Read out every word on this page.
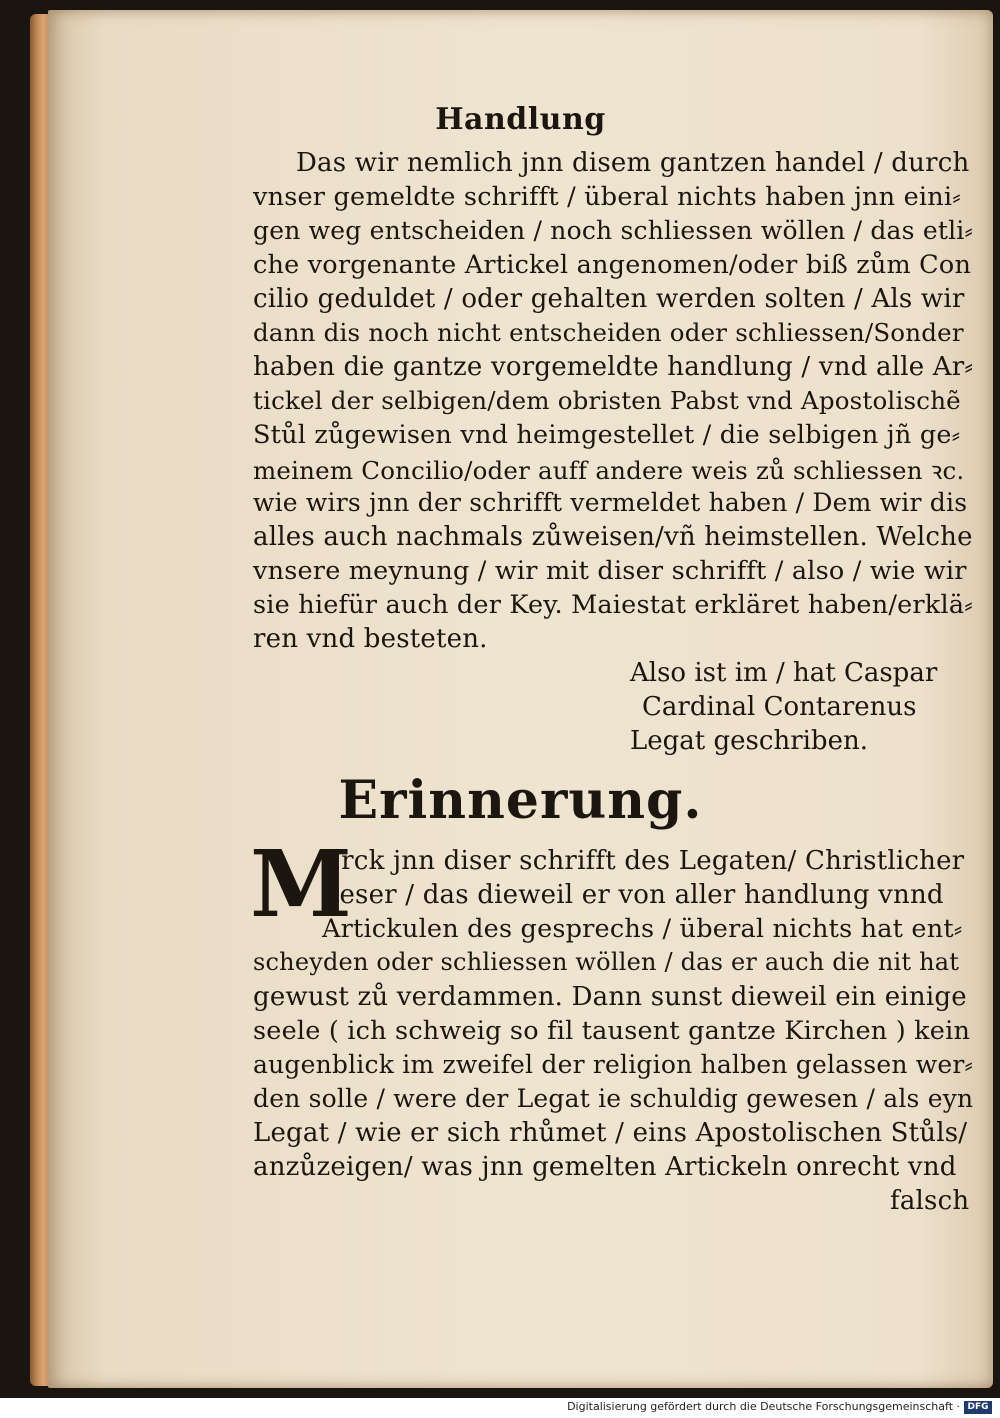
Handlung
Das wir nemlich jnn disem gantzen handel / durch
vnser gemeldte schrifft / überal nichts haben jnn eini⸗
gen weg entscheiden / noch schliessen wöllen / das etli⸗
che vorgenante Artickel angenomen/oder biß zům Con
cilio geduldet / oder gehalten werden solten / Als wir
dann dis noch nicht entscheiden oder schliessen/Sonder
haben die gantze vorgemeldte handlung / vnd alle Ar⸗
tickel der selbigen/dem obristen Pabst vnd Apostolischẽ
Stůl zůgewisen vnd heimgestellet / die selbigen jñ ge⸗
meinem Concilio/oder auff andere weis zů schliessen ꝛc.
wie wirs jnn der schrifft vermeldet haben / Dem wir dis
alles auch nachmals zůweisen/vñ heimstellen. Welche
vnsere meynung / wir mit diser schrifft / also / wie wir
sie hiefür auch der Key. Maiestat erkläret haben/erklä⸗
ren vnd besteten.
Also ist im / hat Caspar
Cardinal Contarenus
Legat geschriben.
Erinnerung.
M
Erck jnn diser schrifft des Legaten/ Christlicher
Leser / das dieweil er von aller handlung vnnd
Artickulen des gesprechs / überal nichts hat ent⸗
scheyden oder schliessen wöllen / das er auch die nit hat
gewust zů verdammen. Dann sunst dieweil ein einige
seele ( ich schweig so fil tausent gantze Kirchen ) kein
augenblick im zweifel der religion halben gelassen wer⸗
den solle / were der Legat ie schuldig gewesen / als eyn
Legat / wie er sich rhůmet / eins Apostolischen Stůls/
anzůzeigen/ was jnn gemelten Artickeln onrecht vnd
falsch
Digitalisierung gefördert durch die Deutsche Forschungsgemeinschaft · DFG
